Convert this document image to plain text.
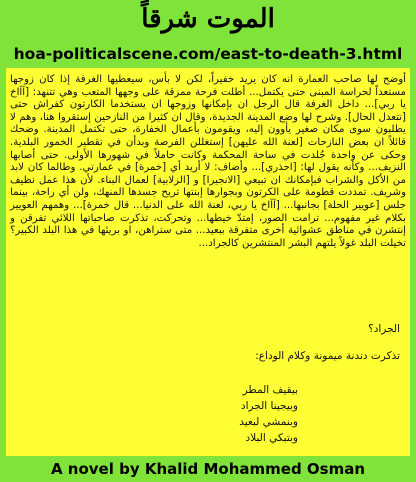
الموت شرقاً
hoa-politicalscene.com/east-to-death-3.html
أوضح لها صاحب العمارة انه كان يريد خفيراً، لكن لا بأس، سيعطيها الغرفة إذا كان زوجها مستعداً لحراسة المبنى حتى يكتمل... أطلت فرحة ممزقة على وجهها المتعب وهي تتنهد: [آآاخ يا ربي]... داخل الغرفة قال الرجل ان بإمكانها وزوجها ان يستخدما الكارتون كفراش حتى [تتعدل الحال]. وشرح لها وضع المدينة الجديدة، وقال ان كثيرا من النازحين إستقروا هنا، وهم لا يطلبون سوى مكان صغير يأوون إليه، ويقومون بأعمال الخفارة، حتى تكتمل المدينة. وضحك قائلاً ان بعض النازحات [لعنة الله عليهن] إستغللن الفرصة وبدأن في تقطير الخمور البلدية. وحكى عن واحدة جُلدت في ساحة المحكمة وكانت حاملاً في شهورها الأولى. حتى أصابها النزيف... وكأنه يقول لها: [احذري]... وأضاف: لا أريد أي [خمرة] في عمارتي. وطالما كان لابد من الأكل والشراب فبإمكانك ان تبيعي [الانجيرا] و [الزلابية] لعمال البناء. لأن هذا عمل نظيف وشريف. تمددت قطومة على الكرتون وبجوارها إبنتها تريح جسدها المنهك، ولن أي راحة، بينما جلس [عويير الحلة] بجانبها... [آآاخ يا ربي، لعنة الله على الدنيا... قال خمرة]... وهمهم العويير بكلام غير مفهوم... ترامت الصور، إمتدّ خيطها... وتحركت، تذكرت صاحباتها اللائي تفرقن و إنتشرن في مناطق عشوائية أخرى متفرقة ببعيد... متى ستراهن، او بريئها في هذا البلد الكبير؟ تخيلت البلد غولاً يلتهم البشر المنتشرين كالجراد...
الجراد؟
تذكرت دندنة ميمونة وكلام الوداع:
بيقيف المطر
وبيجينا الجراد
وبنمشي لبعيد
وبتبكي البلاد
A novel by Khalid Mohammed Osman
